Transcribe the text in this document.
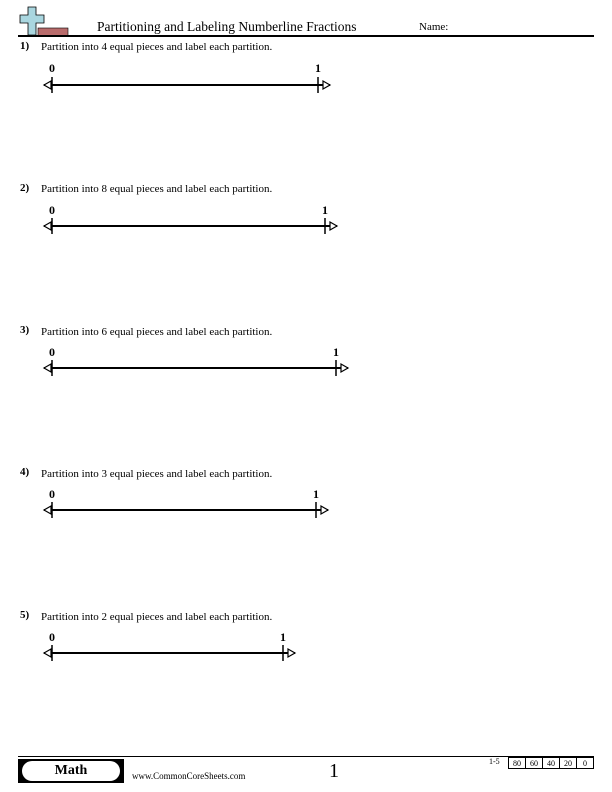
Partitioning and Labeling Numberline Fractions	Name:
1) Partition into 4 equal pieces and label each partition.
0	1
2) Partition into 8 equal pieces and label each partition.
0	1
3) Partition into 6 equal pieces and label each partition.
0	1
4) Partition into 3 equal pieces and label each partition.
0	1
5) Partition into 2 equal pieces and label each partition.
0	1
Math	www.CommonCoreSheets.com	1	1-5 80	60	40	20	0
